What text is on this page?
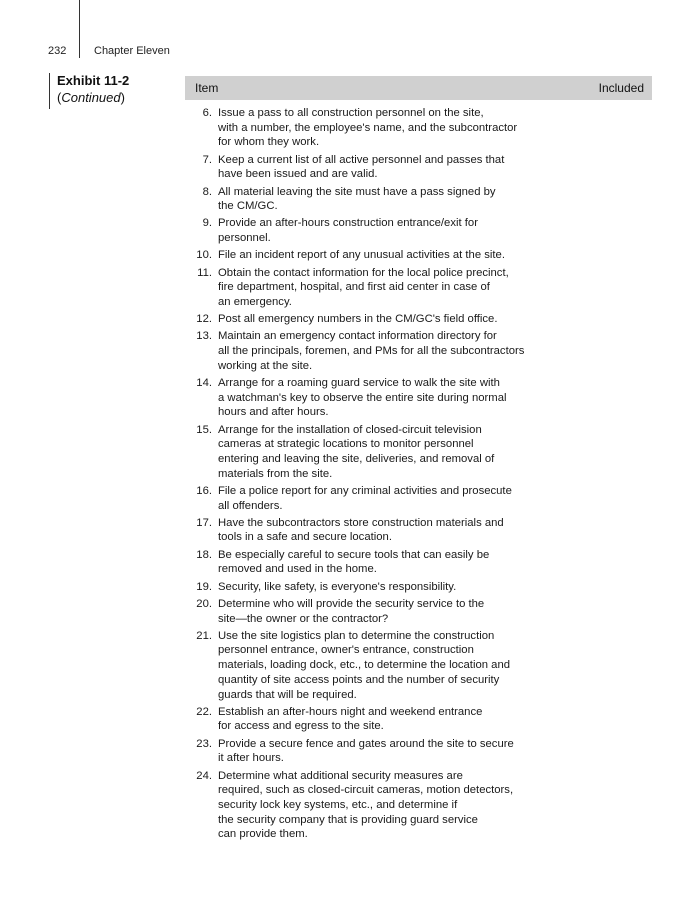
232	Chapter Eleven
Exhibit 11-2
(Continued)
Item	Included
6. Issue a pass to all construction personnel on the site,
with a number, the employee's name, and the subcontractor
for whom they work.
7. Keep a current list of all active personnel and passes that
have been issued and are valid.
8. All material leaving the site must have a pass signed by
the CM/GC.
9. Provide an after-hours construction entrance/exit for
personnel.
10. File an incident report of any unusual activities at the site.
11. Obtain the contact information for the local police precinct,
fire department, hospital, and first aid center in case of
an emergency.
12. Post all emergency numbers in the CM/GC's field office.
13. Maintain an emergency contact information directory for
all the principals, foremen, and PMs for all the subcontractors
working at the site.
14. Arrange for a roaming guard service to walk the site with
a watchman's key to observe the entire site during normal
hours and after hours.
15. Arrange for the installation of closed-circuit television
cameras at strategic locations to monitor personnel
entering and leaving the site, deliveries, and removal of
materials from the site.
16. File a police report for any criminal activities and prosecute
all offenders.
17. Have the subcontractors store construction materials and
tools in a safe and secure location.
18. Be especially careful to secure tools that can easily be
removed and used in the home.
19. Security, like safety, is everyone's responsibility.
20. Determine who will provide the security service to the
site—the owner or the contractor?
21. Use the site logistics plan to determine the construction
personnel entrance, owner's entrance, construction
materials, loading dock, etc., to determine the location and
quantity of site access points and the number of security
guards that will be required.
22. Establish an after-hours night and weekend entrance
for access and egress to the site.
23. Provide a secure fence and gates around the site to secure
it after hours.
24. Determine what additional security measures are
required, such as closed-circuit cameras, motion detectors,
security lock key systems, etc., and determine if
the security company that is providing guard service
can provide them.
